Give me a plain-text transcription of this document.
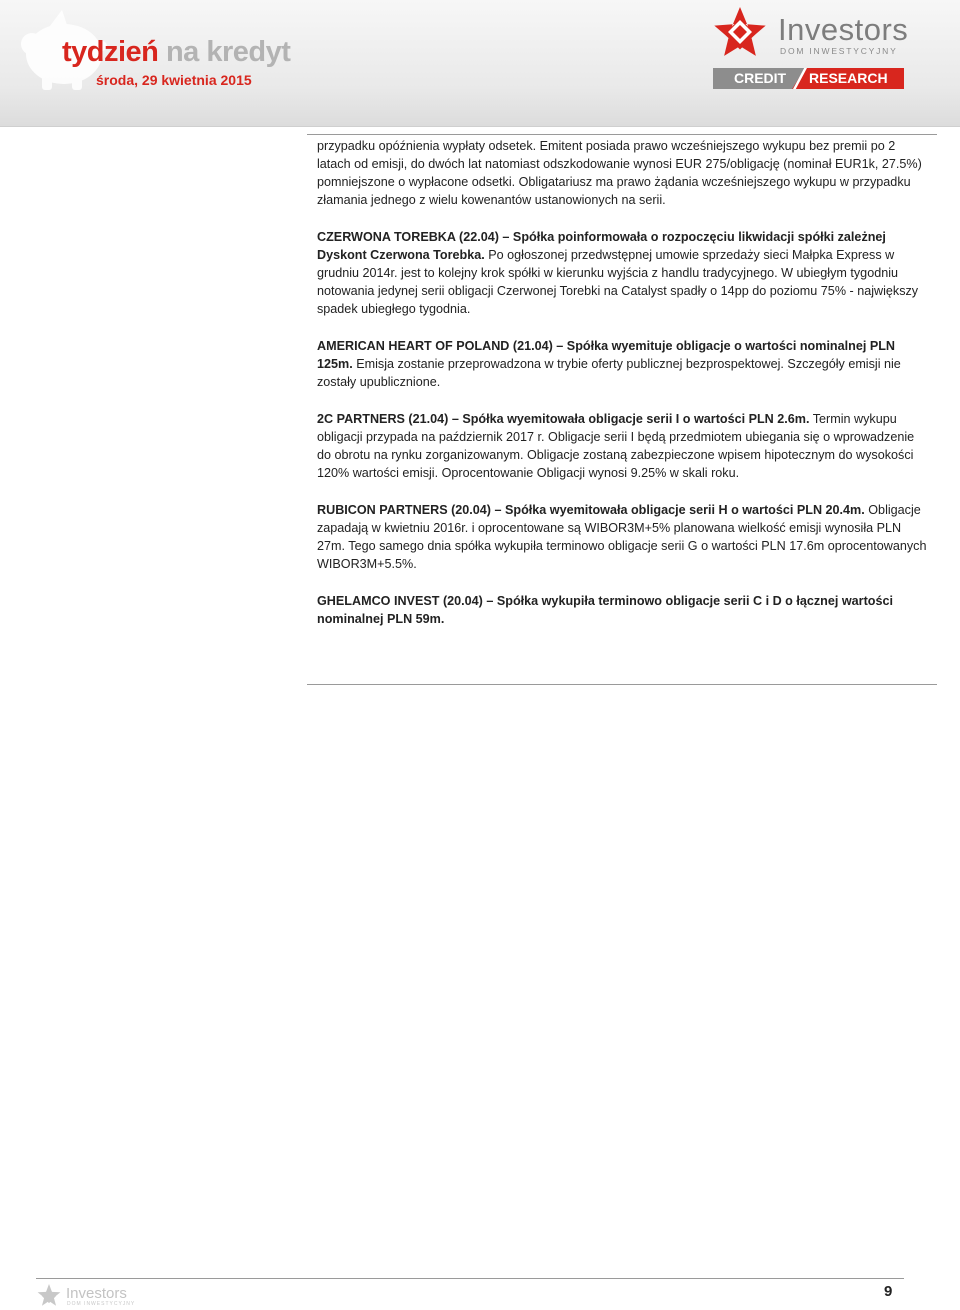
tydzień na kredyt
środa, 29 kwietnia 2015
Investors
DOM INWESTYCYJNY
CREDIT RESEARCH

przypadku opóźnienia wypłaty odsetek. Emitent posiada prawo wcześniejszego wykupu bez premii po 2 latach od emisji, do dwóch lat natomiast odszkodowanie wynosi EUR 275/obligację (nominał EUR1k, 27.5%) pomniejszone o wypłacone odsetki. Obligatariusz ma prawo żądania wcześniejszego wykupu w przypadku złamania jednego z wielu kowenantów ustanowionych na serii.

CZERWONA TOREBKA (22.04) – Spółka poinformowała o rozpoczęciu likwidacji spółki zależnej Dyskont Czerwona Torebka. Po ogłoszonej przedwstępnej umowie sprzedaży sieci Małpka Express w grudniu 2014r. jest to kolejny krok spółki w kierunku wyjścia z handlu tradycyjnego. W ubiegłym tygodniu notowania jedynej serii obligacji Czerwonej Torebki na Catalyst spadły o 14pp do poziomu 75% - największy spadek ubiegłego tygodnia.

AMERICAN HEART OF POLAND (21.04) – Spółka wyemituje obligacje o wartości nominalnej PLN 125m. Emisja zostanie przeprowadzona w trybie oferty publicznej bezprospektowej. Szczegóły emisji nie zostały upublicznione.

2C PARTNERS (21.04) – Spółka wyemitowała obligacje serii I o wartości PLN 2.6m. Termin wykupu obligacji przypada na październik 2017 r. Obligacje serii I będą przedmiotem ubiegania się o wprowadzenie do obrotu na rynku zorganizowanym. Obligacje zostaną zabezpieczone wpisem hipotecznym do wysokości 120% wartości emisji. Oprocentowanie Obligacji wynosi 9.25% w skali roku.

RUBICON PARTNERS (20.04) – Spółka wyemitowała obligacje serii H o wartości PLN 20.4m. Obligacje zapadają w kwietniu 2016r. i oprocentowane są WIBOR3M+5% planowana wielkość emisji wynosiła PLN 27m. Tego samego dnia spółka wykupiła terminowo obligacje serii G o wartości PLN 17.6m oprocentowanych WIBOR3M+5.5%.

GHELAMCO INVEST (20.04) – Spółka wykupiła terminowo obligacje serii C i D o łącznej wartości nominalnej PLN 59m.

Investors
DOM INWESTYCYJNY
9
